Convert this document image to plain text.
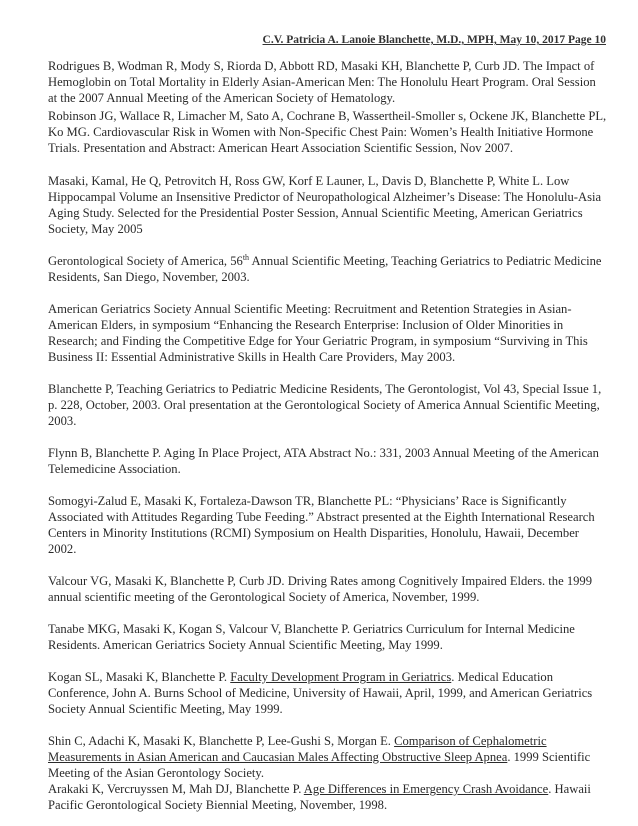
C.V. Patricia A. Lanoie Blanchette, M.D., MPH, May 10, 2017 Page 10

Rodrigues B, Wodman R, Mody S, Riorda D, Abbott RD, Masaki KH, Blanchette P, Curb JD. The Impact of Hemoglobin on Total Mortality in Elderly Asian-American Men: The Honolulu Heart Program. Oral Session at the 2007 Annual Meeting of the American Society of Hematology.

Robinson JG, Wallace R, Limacher M, Sato A, Cochrane B, Wassertheil-Smoller s, Ockene JK, Blanchette PL, Ko MG. Cardiovascular Risk in Women with Non-Specific Chest Pain: Women’s Health Initiative Hormone Trials. Presentation and Abstract: American Heart Association Scientific Session, Nov 2007.

Masaki, Kamal, He Q, Petrovitch H, Ross GW, Korf E Launer, L, Davis D, Blanchette P, White L. Low Hippocampal Volume an Insensitive Predictor of Neuropathological Alzheimer’s Disease: The Honolulu-Asia Aging Study. Selected for the Presidential Poster Session, Annual Scientific Meeting, American Geriatrics Society, May 2005

Gerontological Society of America, 56th Annual Scientific Meeting, Teaching Geriatrics to Pediatric Medicine Residents, San Diego, November, 2003.

American Geriatrics Society Annual Scientific Meeting: Recruitment and Retention Strategies in Asian-American Elders, in symposium “Enhancing the Research Enterprise: Inclusion of Older Minorities in Research; and Finding the Competitive Edge for Your Geriatric Program, in symposium “Surviving in This Business II: Essential Administrative Skills in Health Care Providers, May 2003.

Blanchette P, Teaching Geriatrics to Pediatric Medicine Residents, The Gerontologist, Vol 43, Special Issue 1, p. 228, October, 2003. Oral presentation at the Gerontological Society of America Annual Scientific Meeting, 2003.

Flynn B, Blanchette P. Aging In Place Project, ATA Abstract No.: 331, 2003 Annual Meeting of the American Telemedicine Association.

Somogyi-Zalud E, Masaki K, Fortaleza-Dawson TR, Blanchette PL: “Physicians’ Race is Significantly Associated with Attitudes Regarding Tube Feeding.” Abstract presented at the Eighth International Research Centers in Minority Institutions (RCMI) Symposium on Health Disparities, Honolulu, Hawaii, December 2002.

Valcour VG, Masaki K, Blanchette P, Curb JD. Driving Rates among Cognitively Impaired Elders. the 1999 annual scientific meeting of the Gerontological Society of America, November, 1999.

Tanabe MKG, Masaki K, Kogan S, Valcour V, Blanchette P. Geriatrics Curriculum for Internal Medicine Residents. American Geriatrics Society Annual Scientific Meeting, May 1999.

Kogan SL, Masaki K, Blanchette P. Faculty Development Program in Geriatrics. Medical Education Conference, John A. Burns School of Medicine, University of Hawaii, April, 1999, and American Geriatrics Society Annual Scientific Meeting, May 1999.

Shin C, Adachi K, Masaki K, Blanchette P, Lee-Gushi S, Morgan E. Comparison of Cephalometric Measurements in Asian American and Caucasian Males Affecting Obstructive Sleep Apnea. 1999 Scientific Meeting of the Asian Gerontology Society.

Arakaki K, Vercruyssen M, Mah DJ, Blanchette P. Age Differences in Emergency Crash Avoidance. Hawaii Pacific Gerontological Society Biennial Meeting, November, 1998.
